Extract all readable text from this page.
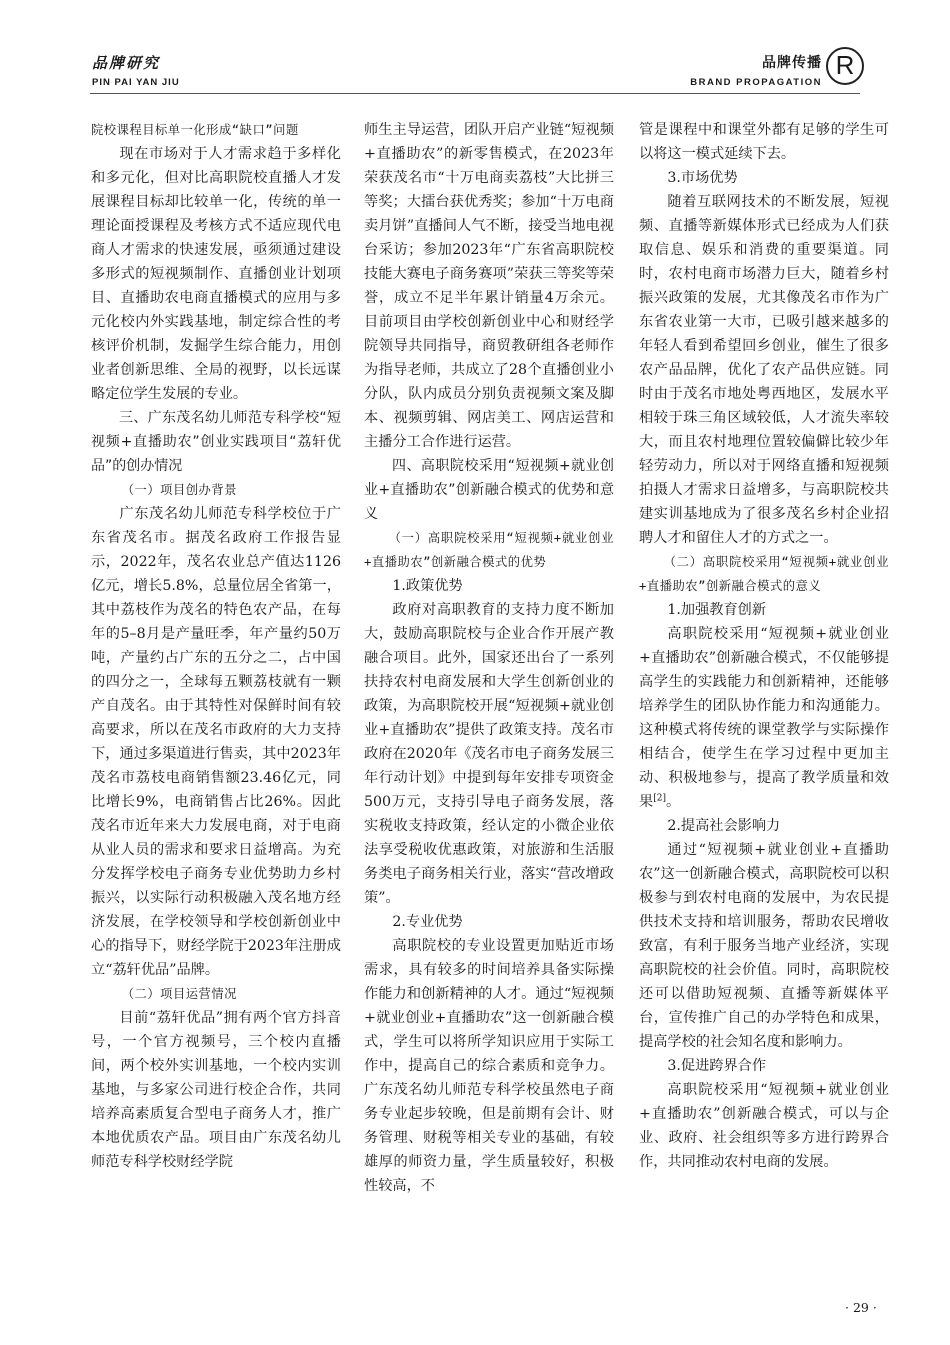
品牌研究
PIN PAI YAN JIU
品牌传播
BRAND PROPAGATION
R

院校课程目标单一化形成“缺口”问题

现在市场对于人才需求趋于多样化和多元化，但对比高职院校直播人才发展课程目标却比较单一化，传统的单一理论面授课程及考核方式不适应现代电商人才需求的快速发展，亟须通过建设多形式的短视频制作、直播创业计划项目、直播助农电商直播模式的应用与多元化校内外实践基地，制定综合性的考核评价机制，发掘学生综合能力，用创业者创新思维、全局的视野，以长远谋略定位学生发展的专业。

三、广东茂名幼儿师范专科学校“短视频+直播助农”创业实践项目“荔轩优品”的创办情况

（一）项目创办背景

广东茂名幼儿师范专科学校位于广东省茂名市。据茂名政府工作报告显示，2022年，茂名农业总产值达1126亿元，增长5.8%，总量位居全省第一，其中荔枝作为茂名的特色农产品，在每年的5–8月是产量旺季，年产量约50万吨，产量约占广东的五分之二，占中国的四分之一，全球每五颗荔枝就有一颗产自茂名。由于其特性对保鲜时间有较高要求，所以在茂名市政府的大力支持下，通过多渠道进行售卖，其中2023年茂名市荔枝电商销售额23.46亿元，同比增长9%，电商销售占比26%。因此茂名市近年来大力发展电商，对于电商从业人员的需求和要求日益增高。为充分发挥学校电子商务专业优势助力乡村振兴，以实际行动积极融入茂名地方经济发展，在学校领导和学校创新创业中心的指导下，财经学院于2023年注册成立“荔轩优品”品牌。

（二）项目运营情况

目前“荔轩优品”拥有两个官方抖音号，一个官方视频号，三个校内直播间，两个校外实训基地，一个校内实训基地，与多家公司进行校企合作，共同培养高素质复合型电子商务人才，推广本地优质农产品。项目由广东茂名幼儿师范专科学校财经学院

师生主导运营，团队开启产业链“短视频+直播助农”的新零售模式，在2023年荣获茂名市“十万电商卖荔枝”大比拼三等奖；大擂台获优秀奖；参加“十万电商卖月饼”直播间人气不断，接受当地电视台采访；参加2023年“广东省高职院校技能大赛电子商务赛项”荣获三等奖等荣誉，成立不足半年累计销量4万余元。目前项目由学校创新创业中心和财经学院领导共同指导，商贸教研组各老师作为指导老师，共成立了28个直播创业小分队，队内成员分别负责视频文案及脚本、视频剪辑、网店美工、网店运营和主播分工合作进行运营。

四、高职院校采用“短视频+就业创业+直播助农”创新融合模式的优势和意义

（一）高职院校采用“短视频+就业创业+直播助农”创新融合模式的优势

1.政策优势

政府对高职教育的支持力度不断加大，鼓励高职院校与企业合作开展产教融合项目。此外，国家还出台了一系列扶持农村电商发展和大学生创新创业的政策，为高职院校开展“短视频+就业创业+直播助农”提供了政策支持。茂名市政府在2020年《茂名市电子商务发展三年行动计划》中提到每年安排专项资金500万元，支持引导电子商务发展，落实税收支持政策，经认定的小微企业依法享受税收优惠政策，对旅游和生活服务类电子商务相关行业，落实“营改增政策”。

2.专业优势

高职院校的专业设置更加贴近市场需求，具有较多的时间培养具备实际操作能力和创新精神的人才。通过“短视频+就业创业+直播助农”这一创新融合模式，学生可以将所学知识应用于实际工作中，提高自己的综合素质和竞争力。广东茂名幼儿师范专科学校虽然电子商务专业起步较晚，但是前期有会计、财务管理、财税等相关专业的基础，有较雄厚的师资力量，学生质量较好，积极性较高，不

管是课程中和课堂外都有足够的学生可以将这一模式延续下去。

3.市场优势

随着互联网技术的不断发展，短视频、直播等新媒体形式已经成为人们获取信息、娱乐和消费的重要渠道。同时，农村电商市场潜力巨大，随着乡村振兴政策的发展，尤其像茂名市作为广东省农业第一大市，已吸引越来越多的年轻人看到希望回乡创业，催生了很多农产品品牌，优化了农产品供应链。同时由于茂名市地处粤西地区，发展水平相较于珠三角区域较低，人才流失率较大，而且农村地理位置较偏僻比较少年轻劳动力，所以对于网络直播和短视频拍摄人才需求日益增多，与高职院校共建实训基地成为了很多茂名乡村企业招聘人才和留住人才的方式之一。

（二）高职院校采用“短视频+就业创业+直播助农”创新融合模式的意义

1.加强教育创新

高职院校采用“短视频+就业创业+直播助农”创新融合模式，不仅能够提高学生的实践能力和创新精神，还能够培养学生的团队协作能力和沟通能力。这种模式将传统的课堂教学与实际操作相结合，使学生在学习过程中更加主动、积极地参与，提高了教学质量和效果[2]。

2.提高社会影响力

通过“短视频+就业创业+直播助农”这一创新融合模式，高职院校可以积极参与到农村电商的发展中，为农民提供技术支持和培训服务，帮助农民增收致富，有利于服务当地产业经济，实现高职院校的社会价值。同时，高职院校还可以借助短视频、直播等新媒体平台，宣传推广自己的办学特色和成果，提高学校的社会知名度和影响力。

3.促进跨界合作

高职院校采用“短视频+就业创业+直播助农”创新融合模式，可以与企业、政府、社会组织等多方进行跨界合作，共同推动农村电商的发展。

· 29 ·
